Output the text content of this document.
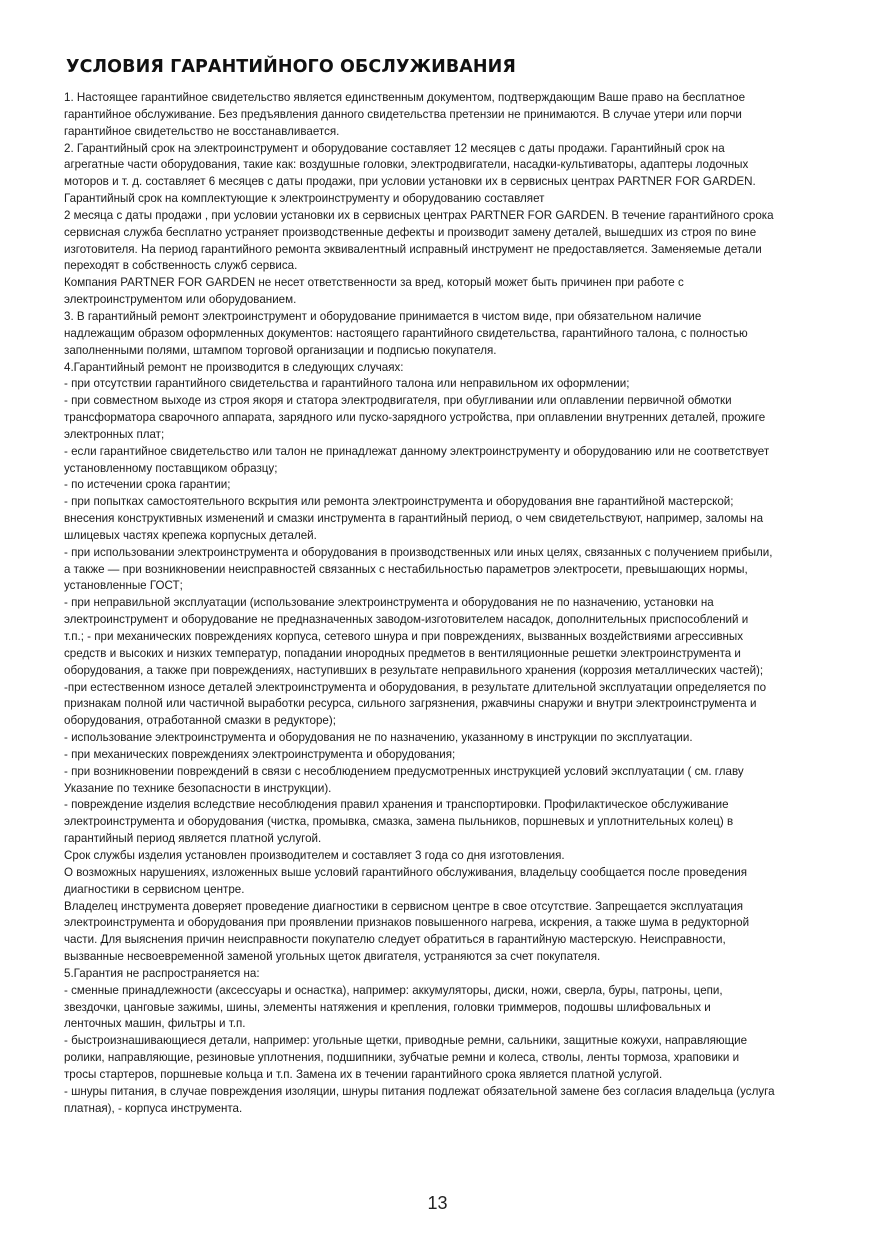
УСЛОВИЯ ГАРАНТИЙНОГО ОБСЛУЖИВАНИЯ
1. Настоящее гарантийное свидетельство является единственным документом, подтверждающим Ваше право на бесплатное
гарантийное обслуживание. Без предъявления данного свидетельства претензии не принимаются. В случае утери или порчи
гарантийное свидетельство не восстанавливается.
2. Гарантийный срок на электроинструмент и оборудование составляет 12 месяцев с даты продажи. Гарантийный срок на
агрегатные части оборудования, такие как: воздушные головки, электродвигатели, насадки-культиваторы, адаптеры лодочных
моторов и т. д. составляет 6 месяцев с даты продажи, при условии установки их в сервисных центрах PARTNER FOR GARDEN.
Гарантийный срок на комплектующие к электроинструменту и оборудованию составляет
2 месяца с даты продажи , при условии установки их в сервисных центрах PARTNER FOR GARDEN. В течение гарантийного срока
сервисная служба бесплатно устраняет производственные дефекты и производит замену деталей, вышедших из строя по вине
изготовителя. На период гарантийного ремонта эквивалентный исправный инструмент не предоставляется. Заменяемые детали
переходят в собственность служб сервиса.
Компания PARTNER FOR GARDEN не несет ответственности за вред, который может быть причинен при работе с
электроинструментом или оборудованием.
3. В гарантийный ремонт электроинструмент и оборудование принимается в чистом виде, при обязательном наличие
надлежащим образом оформленных документов: настоящего гарантийного свидетельства, гарантийного талона, с полностью
заполненными полями, штампом торговой организации и подписью покупателя.
4.Гарантийный ремонт не производится в следующих случаях:
- при отсутствии гарантийного свидетельства и гарантийного талона или неправильном их оформлении;
- при совместном выходе из строя якоря и статора электродвигателя, при обугливании или оплавлении первичной обмотки
трансформатора сварочного аппарата, зарядного или пуско-зарядного устройства, при оплавлении внутренних деталей, прожиге
электронных плат;
- если гарантийное свидетельство или талон не принадлежат данному электроинструменту и оборудованию или не соответствует
установленному поставщиком образцу;
- по истечении срока гарантии;
- при попытках самостоятельного вскрытия или ремонта электроинструмента и оборудования вне гарантийной мастерской;
внесения конструктивных изменений и смазки инструмента в гарантийный период, о чем свидетельствуют, например, заломы на
шлицевых частях крепежа корпусных деталей.
- при использовании электроинструмента и оборудования в производственных или иных целях, связанных с получением прибыли,
а также — при возникновении неисправностей связанных с нестабильностью параметров электросети, превышающих нормы,
установленные ГОСТ;
- при неправильной эксплуатации (использование электроинструмента и оборудования не по назначению, установки на
электроинструмент и оборудование не предназначенных заводом-изготовителем насадок, дополнительных приспособлений и
т.п.; - при механических повреждениях корпуса, сетевого шнура и при повреждениях, вызванных воздействиями агрессивных
средств и высоких и низких температур, попадании инородных предметов в вентиляционные решетки электроинструмента и
оборудования, а также при повреждениях, наступивших в результате неправильного хранения (коррозия металлических частей);
-при естественном износе деталей электроинструмента и оборудования, в результате длительной эксплуатации определяется по
признакам полной или частичной выработки ресурса, сильного загрязнения, ржавчины снаружи и внутри электроинструмента и
оборудования, отработанной смазки в редукторе);
- использование электроинструмента и оборудования не по назначению, указанному в инструкции по эксплуатации.
- при механических повреждениях электроинструмента и оборудования;
- при возникновении повреждений в связи с несоблюдением предусмотренных инструкцией условий эксплуатации ( см. главу
Указание по технике безопасности в инструкции).
- повреждение изделия вследствие несоблюдения правил хранения и транспортировки. Профилактическое обслуживание
электроинструмента и оборудования (чистка, промывка, смазка, замена пыльников, поршневых и уплотнительных колец) в
гарантийный период является платной услугой.
Срок службы изделия установлен производителем и составляет 3 года со дня изготовления.
О возможных нарушениях, изложенных выше условий гарантийного обслуживания, владельцу сообщается после проведения
диагностики в сервисном центре.
Владелец инструмента доверяет проведение диагностики в сервисном центре в свое отсутствие. Запрещается эксплуатация
электроинструмента и оборудования при проявлении признаков повышенного нагрева, искрения, а также шума в редукторной
части. Для выяснения причин неисправности покупателю следует обратиться в гарантийную мастерскую. Неисправности,
вызванные несвоевременной заменой угольных щеток двигателя, устраняются за счет покупателя.
5.Гарантия не распространяется на:
- сменные принадлежности (аксессуары и оснастка), например: аккумуляторы, диски, ножи, сверла, буры, патроны, цепи,
звездочки, цанговые зажимы, шины, элементы натяжения и крепления, головки триммеров, подошвы шлифовальных и
ленточных машин, фильтры и т.п.
- быстроизнашивающиеся детали, например: угольные щетки, приводные ремни, сальники, защитные кожухи, направляющие
ролики, направляющие, резиновые уплотнения, подшипники, зубчатые ремни и колеса, стволы, ленты тормоза, храповики и
тросы стартеров, поршневые кольца и т.п. Замена их в течении гарантийного срока является платной услугой.
- шнуры питания, в случае повреждения изоляции, шнуры питания подлежат обязательной замене без согласия владельца (услуга
платная), - корпуса инструмента.
13
